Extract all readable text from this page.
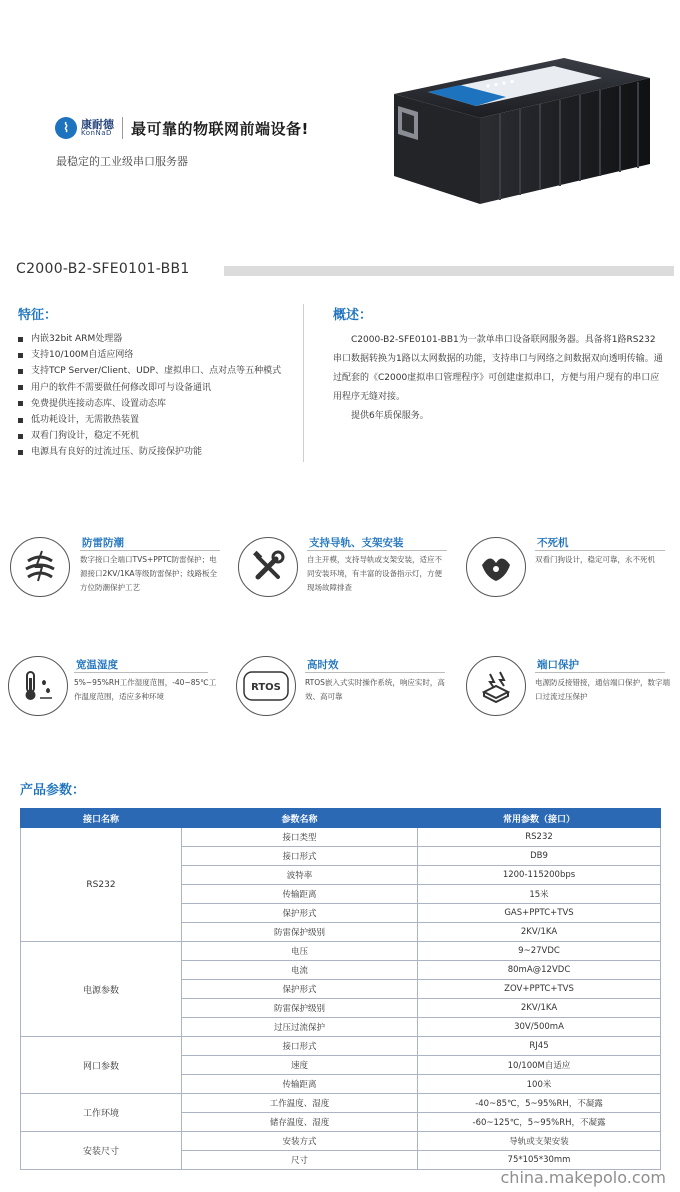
⌇	康耐德
KonNaD 最可靠的物联网前端设备!
最稳定的工业级串口服务器
C2000-B2-SFE0101-BB1
特征：
内嵌32bit ARM处理器
支持10/100M自适应网络
支持TCP Server/Client、UDP、虚拟串口、点对点等五种模式
用户的软件不需要做任何修改即可与设备通讯
免费提供连接动态库、设置动态库
低功耗设计，无需散热装置
双看门狗设计，稳定不死机
电源具有良好的过流过压、防反接保护功能
概述：

C2000-B2-SFE0101-BB1为一款单串口设备联网服务器。具备将1路RS232串口数据转换为1路以太网数据的功能，支持串口与网络之间数据双向透明传输。通过配套的《C2000虚拟串口管理程序》可创建虚拟串口，方便与用户现有的串口应用程序无缝对接。

提供6年质保服务。

防雷防潮
数字接口全端口TVS+PPTC防雷保护；电源接口2KV/1KA等级防雷保护；线路板全方位防潮保护工艺
支持导轨、支架安装
自主开模，支持导轨或支架安装，适应不同安装环境，有丰富的设备指示灯，方便现场故障排查
不死机
双看门狗设计，稳定可靠，永不死机
宽温湿度
5%~95%RH工作湿度范围，-40~85℃工作温度范围，适应多种环境
RTOS
高时效
RTOS嵌入式实时操作系统，响应实时，高效、高可靠
端口保护
电源防反接错接，通信端口保护，数字端口过流过压保护
产品参数：
接口名称	参数名称	常用参数（接口）
RS232	接口类型	RS232
	接口形式	DB9
	波特率	1200-115200bps
	传输距离	15米
	保护形式	GAS+PPTC+TVS
	防雷保护级别	2KV/1KA
电源参数	电压	9~27VDC
	电流	80mA@12VDC
	保护形式	ZOV+PPTC+TVS
	防雷保护级别	2KV/1KA
	过压过流保护	30V/500mA
网口参数	接口形式	RJ45
	速度	10/100M自适应
	传输距离	100米
工作环境	工作温度、湿度	-40~85℃，5~95%RH，不凝露
	储存温度、湿度	-60~125℃，5~95%RH，不凝露
安装尺寸	安装方式	导轨或支架安装
	尺寸	75*105*30mm
china.makepolo.com
